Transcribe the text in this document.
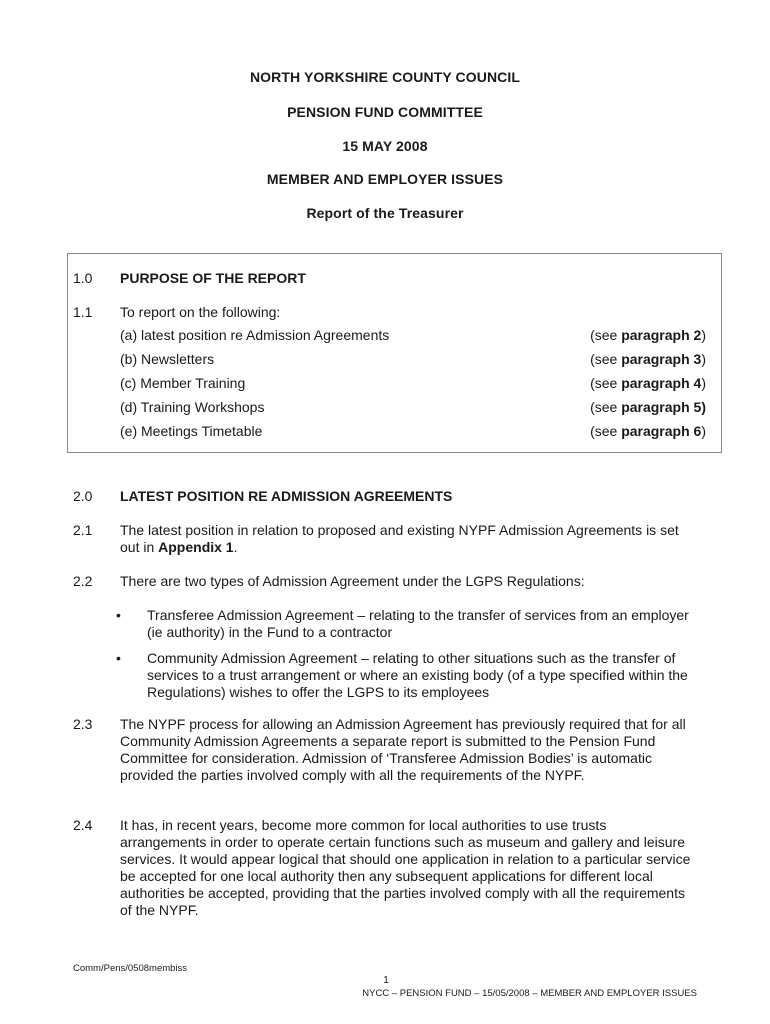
NORTH YORKSHIRE COUNTY COUNCIL
PENSION FUND COMMITTEE
15 MAY 2008
MEMBER AND EMPLOYER ISSUES
Report of the Treasurer
1.0 PURPOSE OF THE REPORT
1.1 To report on the following:
(a) latest position re Admission Agreements	(see paragraph 2)
(b) Newsletters	(see paragraph 3)
(c) Member Training	(see paragraph 4)
(d) Training Workshops	(see paragraph 5)
(e) Meetings Timetable	(see paragraph 6)
2.0 LATEST POSITION RE ADMISSION AGREEMENTS
2.1 The latest position in relation to proposed and existing NYPF Admission Agreements is set out in Appendix 1.
2.2 There are two types of Admission Agreement under the LGPS Regulations:
• Transferee Admission Agreement – relating to the transfer of services from an employer (ie authority) in the Fund to a contractor
• Community Admission Agreement – relating to other situations such as the transfer of services to a trust arrangement or where an existing body (of a type specified within the Regulations) wishes to offer the LGPS to its employees
2.3 The NYPF process for allowing an Admission Agreement has previously required that for all Community Admission Agreements a separate report is submitted to the Pension Fund Committee for consideration. Admission of ‘Transferee Admission Bodies’ is automatic provided the parties involved comply with all the requirements of the NYPF.
2.4 It has, in recent years, become more common for local authorities to use trusts arrangements in order to operate certain functions such as museum and gallery and leisure services. It would appear logical that should one application in relation to a particular service be accepted for one local authority then any subsequent applications for different local authorities be accepted, providing that the parties involved comply with all the requirements of the NYPF.
Comm/Pens/0508membiss
1
NYCC – PENSION FUND – 15/05/2008 – MEMBER AND EMPLOYER ISSUES
